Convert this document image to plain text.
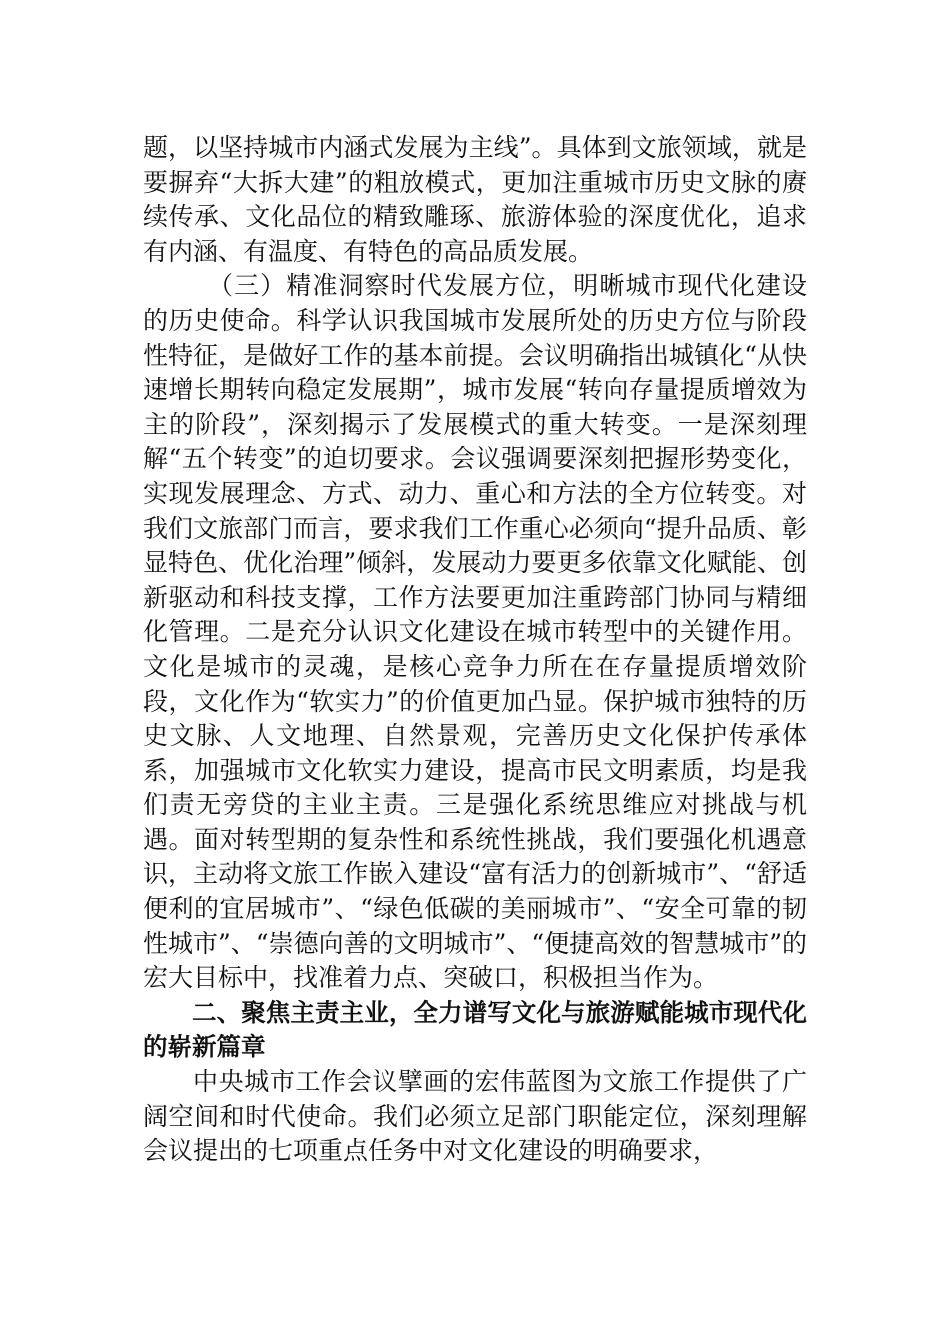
题，以坚持城市内涵式发展为主线”。具体到文旅领域，就是要摒弃“大拆大建”的粗放模式，更加注重城市历史文脉的赓续传承、文化品位的精致雕琢、旅游体验的深度优化，追求有内涵、有温度、有特色的高品质发展。

（三）精准洞察时代发展方位，明晰城市现代化建设的历史使命。科学认识我国城市发展所处的历史方位与阶段性特征，是做好工作的基本前提。会议明确指出城镇化“从快速增长期转向稳定发展期”，城市发展“转向存量提质增效为主的阶段”，深刻揭示了发展模式的重大转变。一是深刻理解“五个转变”的迫切要求。会议强调要深刻把握形势变化，实现发展理念、方式、动力、重心和方法的全方位转变。对我们文旅部门而言，要求我们工作重心必须向“提升品质、彰显特色、优化治理”倾斜，发展动力要更多依靠文化赋能、创新驱动和科技支撑，工作方法要更加注重跨部门协同与精细化管理。二是充分认识文化建设在城市转型中的关键作用。文化是城市的灵魂，是核心竞争力所在在存量提质增效阶段，文化作为“软实力”的价值更加凸显。保护城市独特的历史文脉、人文地理、自然景观，完善历史文化保护传承体系，加强城市文化软实力建设，提高市民文明素质，均是我们责无旁贷的主业主责。三是强化系统思维应对挑战与机遇。面对转型期的复杂性和系统性挑战，我们要强化机遇意识，主动将文旅工作嵌入建设“富有活力的创新城市”、“舒适便利的宜居城市”、“绿色低碳的美丽城市”、“安全可靠的韧性城市”、“崇德向善的文明城市”、“便捷高效的智慧城市”的宏大目标中，找准着力点、突破口，积极担当作为。

二、聚焦主责主业，全力谱写文化与旅游赋能城市现代化的崭新篇章

中央城市工作会议擘画的宏伟蓝图为文旅工作提供了广阔空间和时代使命。我们必须立足部门职能定位，深刻理解会议提出的七项重点任务中对文化建设的明确要求，
